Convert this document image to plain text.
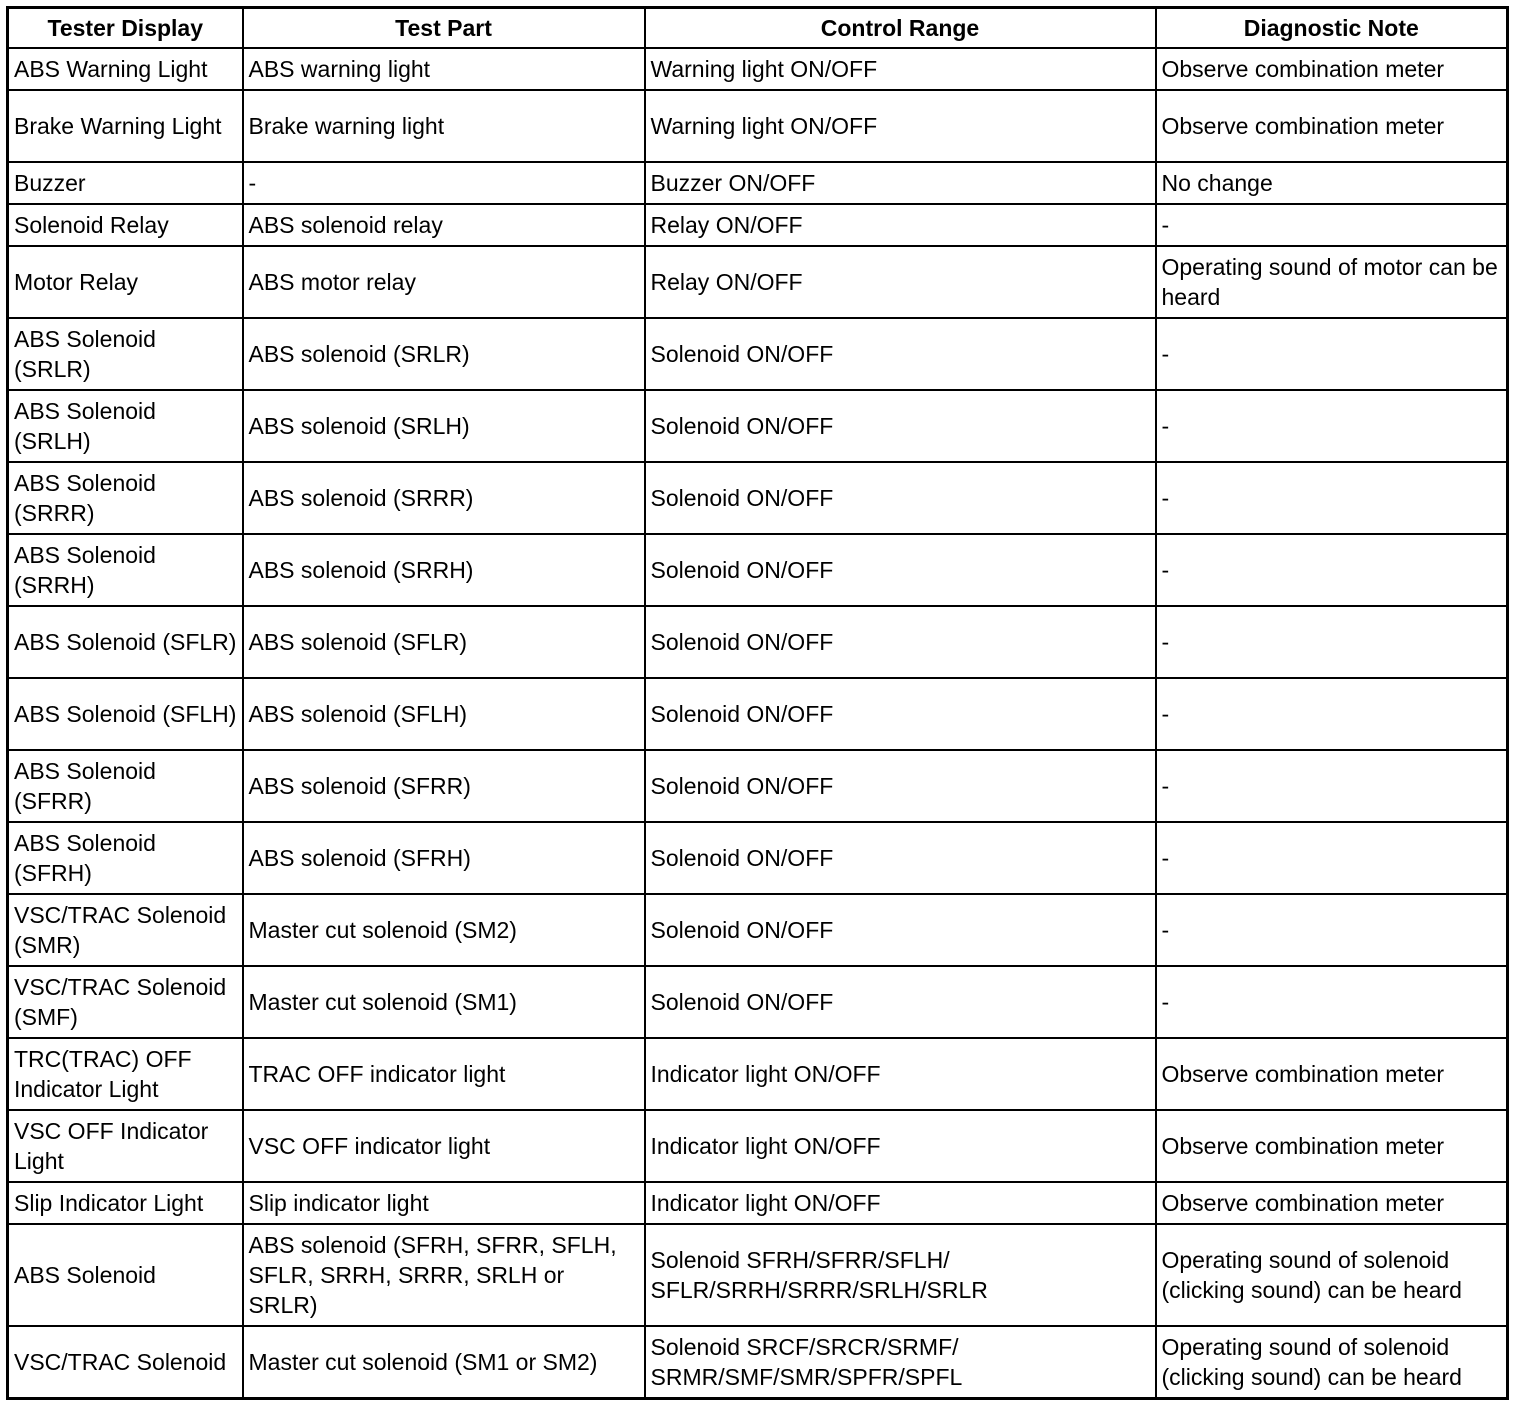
Tester Display	Test Part	Control Range	Diagnostic Note
ABS Warning Light	ABS warning light	Warning light ON/OFF	Observe combination meter
Brake Warning Light	Brake warning light	Warning light ON/OFF	Observe combination meter
Buzzer	-	Buzzer ON/OFF	No change
Solenoid Relay	ABS solenoid relay	Relay ON/OFF	-
Motor Relay	ABS motor relay	Relay ON/OFF	Operating sound of motor can be heard
ABS Solenoid (SRLR)	ABS solenoid (SRLR)	Solenoid ON/OFF	-
ABS Solenoid (SRLH)	ABS solenoid (SRLH)	Solenoid ON/OFF	-
ABS Solenoid (SRRR)	ABS solenoid (SRRR)	Solenoid ON/OFF	-
ABS Solenoid (SRRH)	ABS solenoid (SRRH)	Solenoid ON/OFF	-
ABS Solenoid (SFLR)	ABS solenoid (SFLR)	Solenoid ON/OFF	-
ABS Solenoid (SFLH)	ABS solenoid (SFLH)	Solenoid ON/OFF	-
ABS Solenoid (SFRR)	ABS solenoid (SFRR)	Solenoid ON/OFF	-
ABS Solenoid (SFRH)	ABS solenoid (SFRH)	Solenoid ON/OFF	-
VSC/TRAC Solenoid (SMR)	Master cut solenoid (SM2)	Solenoid ON/OFF	-
VSC/TRAC Solenoid (SMF)	Master cut solenoid (SM1)	Solenoid ON/OFF	-
TRC(TRAC) OFF Indicator Light	TRAC OFF indicator light	Indicator light ON/OFF	Observe combination meter
VSC OFF Indicator Light	VSC OFF indicator light	Indicator light ON/OFF	Observe combination meter
Slip Indicator Light	Slip indicator light	Indicator light ON/OFF	Observe combination meter
ABS Solenoid	ABS solenoid (SFRH, SFRR, SFLH, SFLR, SRRH, SRRR, SRLH or SRLR)	Solenoid SFRH/SFRR/SFLH/ SFLR/SRRH/SRRR/SRLH/SRLR	Operating sound of solenoid (clicking sound) can be heard
VSC/TRAC Solenoid	Master cut solenoid (SM1 or SM2)	Solenoid SRCF/SRCR/SRMF/ SRMR/SMF/SMR/SPFR/SPFL	Operating sound of solenoid (clicking sound) can be heard
